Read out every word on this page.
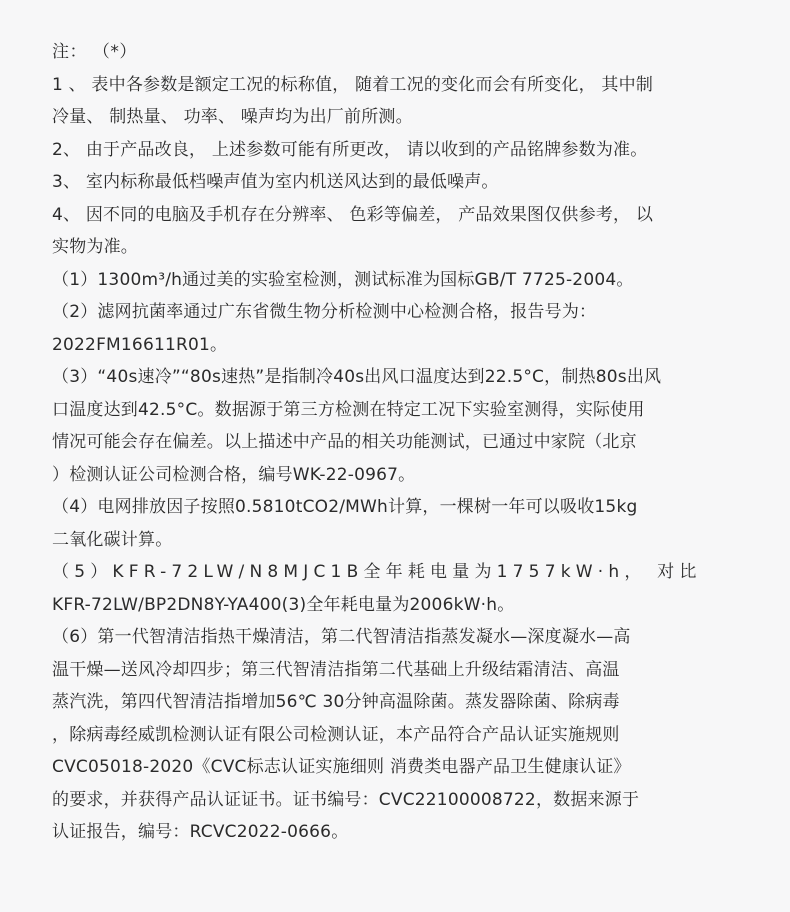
注： （*）
1 、 表中各参数是额定工况的标称值， 随着工况的变化而会有所变化， 其中制
冷量、 制热量、 功率、 噪声均为出厂前所测。
2、 由于产品改良， 上述参数可能有所更改， 请以收到的产品铭牌参数为准。
3、 室内标称最低档噪声值为室内机送风达到的最低噪声。
4、 因不同的电脑及手机存在分辨率、 色彩等偏差， 产品效果图仅供参考， 以
实物为准。
（1）1300m³/h通过美的实验室检测，测试标准为国标GB/T 7725-2004。
（2）滤网抗菌率通过广东省微生物分析检测中心检测合格，报告号为：
2022FM16611R01。
（3）“40s速冷”“80s速热”是指制冷40s出风口温度达到22.5°C，制热80s出风
口温度达到42.5°C。数据源于第三方检测在特定工况下实验室测得，实际使用
情况可能会存在偏差。以上描述中产品的相关功能测试，已通过中家院（北京
）检测认证公司检测合格，编号WK-22-0967。
（4）电网排放因子按照0.5810tCO2/MWh计算，一棵树一年可以吸收15kg
二氧化碳计算。
（5）KFR-72LW/N8MJC1B全年耗电量为1757kW·h， 对比
KFR-72LW/BP2DN8Y-YA400(3)全年耗电量为2006kW·h。
（6）第一代智清洁指热干燥清洁，第二代智清洁指蒸发凝水—深度凝水—高
温干燥—送风冷却四步；第三代智清洁指第二代基础上升级结霜清洁、高温
蒸汽洗，第四代智清洁指增加56℃ 30分钟高温除菌。蒸发器除菌、除病毒
，除病毒经威凯检测认证有限公司检测认证，本产品符合产品认证实施规则
CVC05018-2020《CVC标志认证实施细则 消费类电器产品卫生健康认证》
的要求，并获得产品认证证书。证书编号：CVC22100008722，数据来源于
认证报告，编号：RCVC2022-0666。
